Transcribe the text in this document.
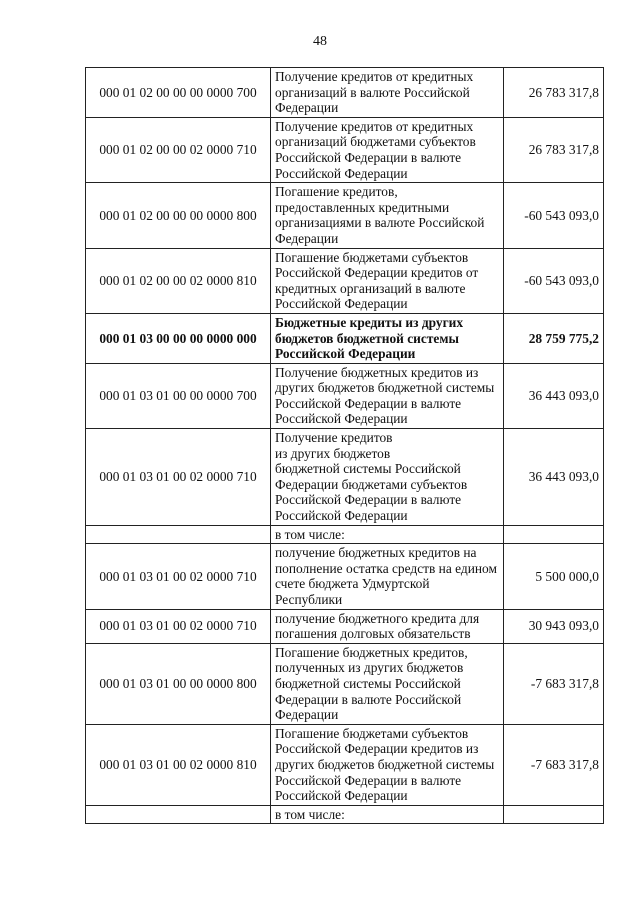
48
000 01 02 00 00 00 0000 700	Получение кредитов от кредитных организаций в валюте Российской Федерации	26 783 317,8
000 01 02 00 00 02 0000 710	Получение кредитов от кредитных организаций бюджетами субъектов Российской Федерации в валюте Российской Федерации	26 783 317,8
000 01 02 00 00 00 0000 800	Погашение кредитов, предоставленных кредитными организациями в валюте Российской Федерации	-60 543 093,0
000 01 02 00 00 02 0000 810	Погашение бюджетами субъектов Российской Федерации кредитов от кредитных организаций в валюте Российской Федерации	-60 543 093,0
000 01 03 00 00 00 0000 000	Бюджетные кредиты из других бюджетов бюджетной системы Российской Федерации	28 759 775,2
000 01 03 01 00 00 0000 700	Получение бюджетных кредитов из других бюджетов бюджетной системы Российской Федерации в валюте Российской Федерации	36 443 093,0
000 01 03 01 00 02 0000 710	Получение кредитов
из других бюджетов
бюджетной системы Российской Федерации бюджетами субъектов Российской Федерации в валюте Российской Федерации	36 443 093,0
	в том числе:	
000 01 03 01 00 02 0000 710	получение бюджетных кредитов на пополнение остатка средств на едином счете бюджета Удмуртской Республики	5 500 000,0
000 01 03 01 00 02 0000 710	получение бюджетного кредита для погашения долговых обязательств	30 943 093,0
000 01 03 01 00 00 0000 800	Погашение бюджетных кредитов, полученных из других бюджетов бюджетной системы Российской Федерации в валюте Российской Федерации	-7 683 317,8
000 01 03 01 00 02 0000 810	Погашение бюджетами субъектов Российской Федерации кредитов из других бюджетов бюджетной системы Российской Федерации в валюте Российской Федерации	-7 683 317,8
	в том числе:	
